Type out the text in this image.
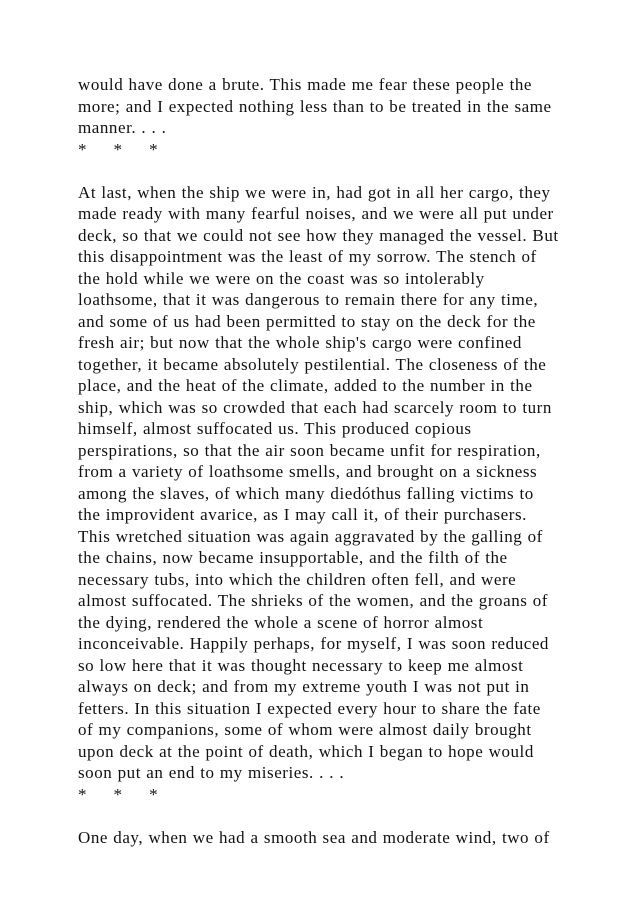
would have done a brute. This made me fear these people the
more; and I expected nothing less than to be treated in the same
manner. . . .
*     *     *
At last, when the ship we were in, had got in all her cargo, they
made ready with many fearful noises, and we were all put under
deck, so that we could not see how they managed the vessel. But
this disappointment was the least of my sorrow. The stench of
the hold while we were on the coast was so intolerably
loathsome, that it was dangerous to remain there for any time,
and some of us had been permitted to stay on the deck for the
fresh air; but now that the whole ship's cargo were confined
together, it became absolutely pestilential. The closeness of the
place, and the heat of the climate, added to the number in the
ship, which was so crowded that each had scarcely room to turn
himself, almost suffocated us. This produced copious
perspirations, so that the air soon became unfit for respiration,
from a variety of loathsome smells, and brought on a sickness
among the slaves, of which many diedóthus falling victims to
the improvident avarice, as I may call it, of their purchasers.
This wretched situation was again aggravated by the galling of
the chains, now became insupportable, and the filth of the
necessary tubs, into which the children often fell, and were
almost suffocated. The shrieks of the women, and the groans of
the dying, rendered the whole a scene of horror almost
inconceivable. Happily perhaps, for myself, I was soon reduced
so low here that it was thought necessary to keep me almost
always on deck; and from my extreme youth I was not put in
fetters. In this situation I expected every hour to share the fate
of my companions, some of whom were almost daily brought
upon deck at the point of death, which I began to hope would
soon put an end to my miseries. . . .
*     *     *
One day, when we had a smooth sea and moderate wind, two of
